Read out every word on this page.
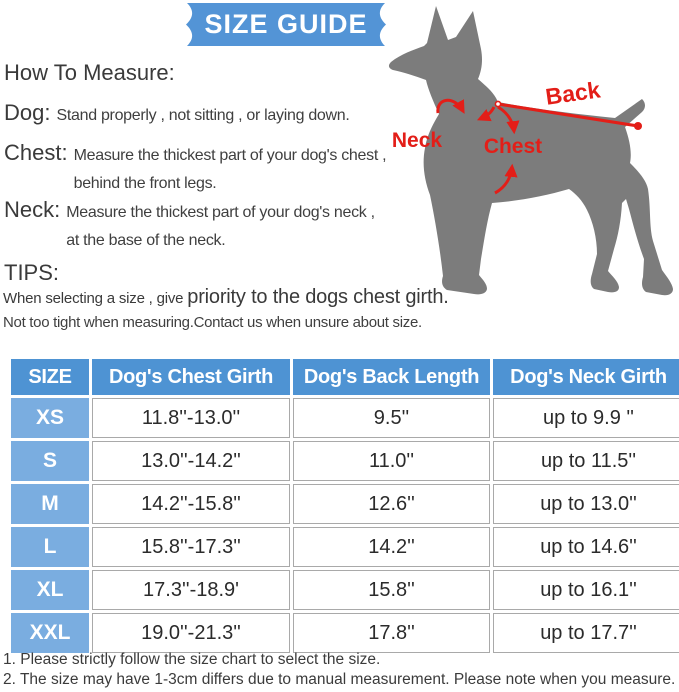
SIZE GUIDE
Back
Neck Chest
How To Measure:
Dog: Stand properly , not sitting , or laying down.
Chest: Measure the thickest part of your dog's chest ,
behind the front legs.
Neck: Measure the thickest part of your dog's neck ,
at the base of the neck.
TIPS:
When selecting a size , give priority to the dogs chest girth.
Not too tight when measuring.Contact us when unsure about size.
SIZE	Dog's Chest Girth	Dog's Back Length	Dog's Neck Girth
XS	11.8''-13.0''	9.5''	up to 9.9 ''
S	13.0''-14.2''	11.0''	up to 11.5''
M	14.2''-15.8''	12.6''	up to 13.0''
L	15.8''-17.3''	14.2''	up to 14.6''
XL	17.3''-18.9'	15.8''	up to 16.1''
XXL	19.0''-21.3''	17.8''	up to 17.7''
1. Please strictly follow the size chart to select the size.
2. The size may have 1-3cm differs due to manual measurement. Please note when you measure.
